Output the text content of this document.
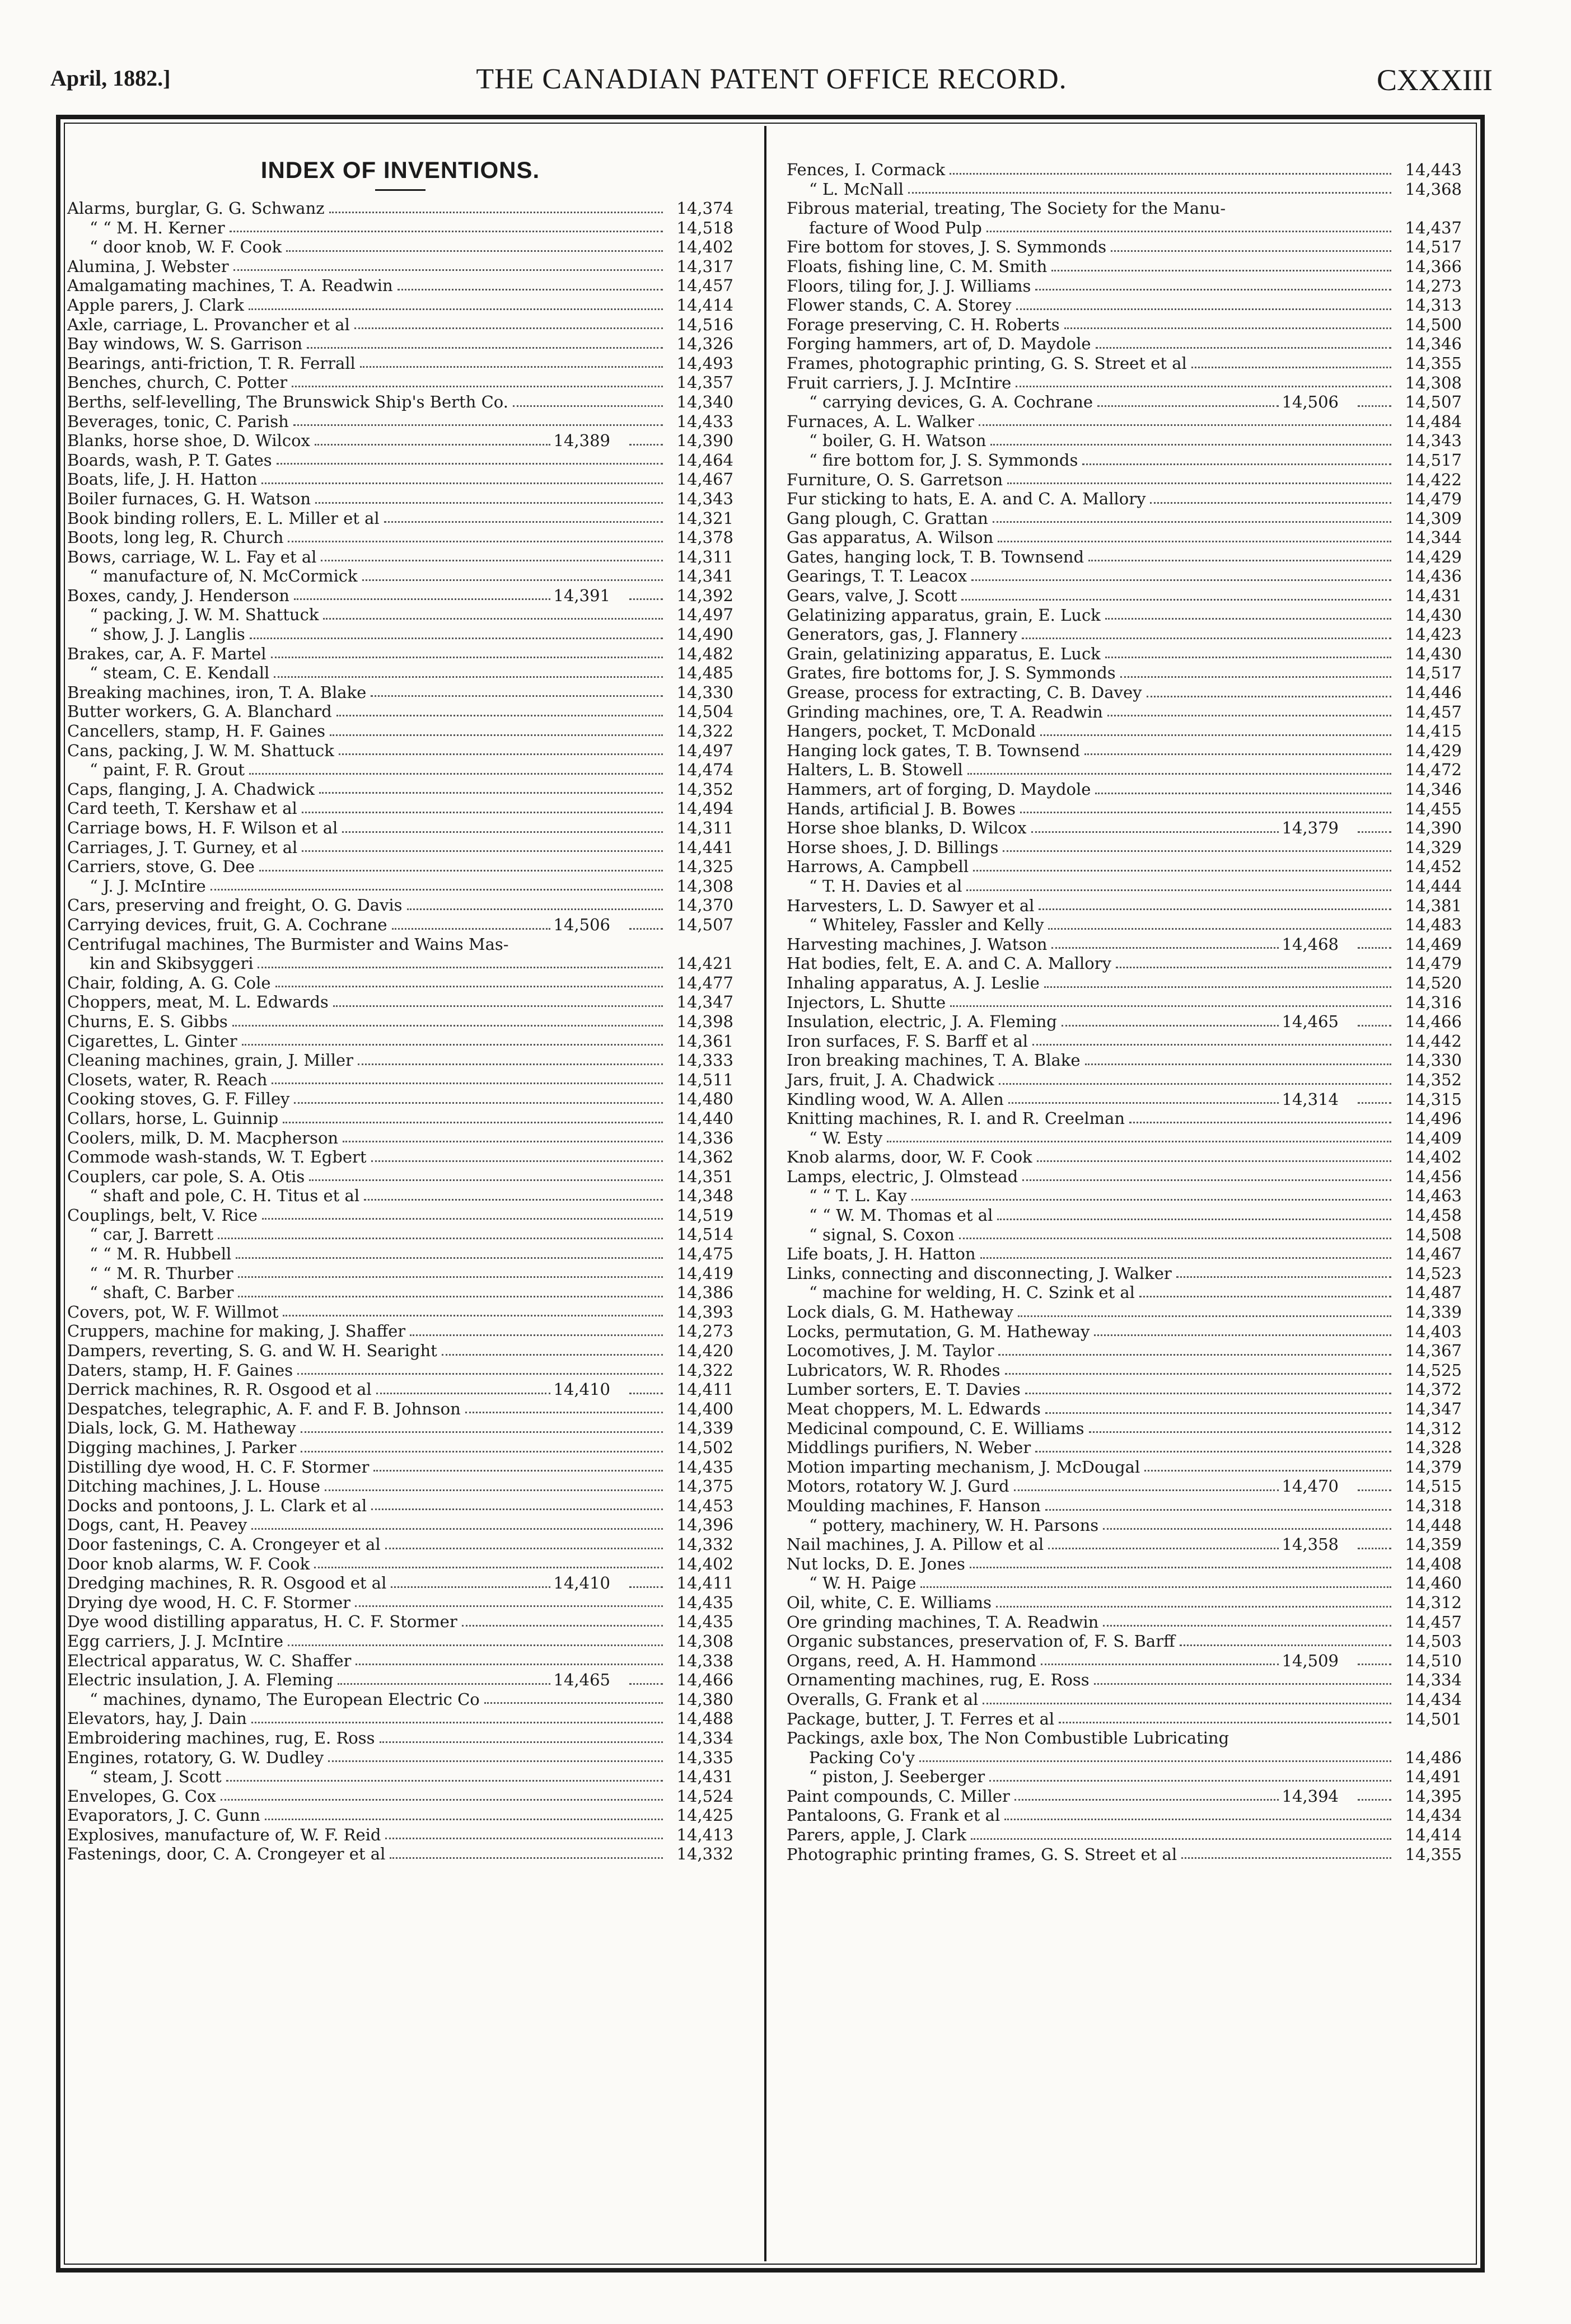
April, 1882.]	THE CANADIAN PATENT OFFICE RECORD.	CXXXIII
INDEX OF INVENTIONS.
Alarms, burglar, G. G. Schwanz	14,374
“ “ M. H. Kerner	14,518
“ door knob, W. F. Cook	14,402
Alumina, J. Webster	14,317
Amalgamating machines, T. A. Readwin	14,457
Apple parers, J. Clark	14,414
Axle, carriage, L. Provancher et al	14,516
Bay windows, W. S. Garrison	14,326
Bearings, anti-friction, T. R. Ferrall	14,493
Benches, church, C. Potter	14,357
Berths, self-levelling, The Brunswick Ship's Berth Co.	14,340
Beverages, tonic, C. Parish	14,433
Blanks, horse shoe, D. Wilcox	14,389	14,390
Boards, wash, P. T. Gates	14,464
Boats, life, J. H. Hatton	14,467
Boiler furnaces, G. H. Watson	14,343
Book binding rollers, E. L. Miller et al	14,321
Boots, long leg, R. Church	14,378
Bows, carriage, W. L. Fay et al	14,311
“ manufacture of, N. McCormick	14,341
Boxes, candy, J. Henderson	14,391	14,392
“ packing, J. W. M. Shattuck	14,497
“ show, J. J. Langlis	14,490
Brakes, car, A. F. Martel	14,482
“ steam, C. E. Kendall	14,485
Breaking machines, iron, T. A. Blake	14,330
Butter workers, G. A. Blanchard	14,504
Cancellers, stamp, H. F. Gaines	14,322
Cans, packing, J. W. M. Shattuck	14,497
“ paint, F. R. Grout	14,474
Caps, flanging, J. A. Chadwick	14,352
Card teeth, T. Kershaw et al	14,494
Carriage bows, H. F. Wilson et al	14,311
Carriages, J. T. Gurney, et al	14,441
Carriers, stove, G. Dee	14,325
“ J. J. McIntire	14,308
Cars, preserving and freight, O. G. Davis	14,370
Carrying devices, fruit, G. A. Cochrane	14,506	14,507
Centrifugal machines, The Burmister and Wains Mas-
kin and Skibsyggeri	14,421
Chair, folding, A. G. Cole	14,477
Choppers, meat, M. L. Edwards	14,347
Churns, E. S. Gibbs	14,398
Cigarettes, L. Ginter	14,361
Cleaning machines, grain, J. Miller	14,333
Closets, water, R. Reach	14,511
Cooking stoves, G. F. Filley	14,480
Collars, horse, L. Guinnip	14,440
Coolers, milk, D. M. Macpherson	14,336
Commode wash-stands, W. T. Egbert	14,362
Couplers, car pole, S. A. Otis	14,351
“ shaft and pole, C. H. Titus et al	14,348
Couplings, belt, V. Rice	14,519
“ car, J. Barrett	14,514
“ “ M. R. Hubbell	14,475
“ “ M. R. Thurber	14,419
“ shaft, C. Barber	14,386
Covers, pot, W. F. Willmot	14,393
Cruppers, machine for making, J. Shaffer	14,273
Dampers, reverting, S. G. and W. H. Searight	14,420
Daters, stamp, H. F. Gaines	14,322
Derrick machines, R. R. Osgood et al	14,410	14,411
Despatches, telegraphic, A. F. and F. B. Johnson	14,400
Dials, lock, G. M. Hatheway	14,339
Digging machines, J. Parker	14,502
Distilling dye wood, H. C. F. Stormer	14,435
Ditching machines, J. L. House	14,375
Docks and pontoons, J. L. Clark et al	14,453
Dogs, cant, H. Peavey	14,396
Door fastenings, C. A. Crongeyer et al	14,332
Door knob alarms, W. F. Cook	14,402
Dredging machines, R. R. Osgood et al	14,410	14,411
Drying dye wood, H. C. F. Stormer	14,435
Dye wood distilling apparatus, H. C. F. Stormer	14,435
Egg carriers, J. J. McIntire	14,308
Electrical apparatus, W. C. Shaffer	14,338
Electric insulation, J. A. Fleming	14,465	14,466
“ machines, dynamo, The European Electric Co	14,380
Elevators, hay, J. Dain	14,488
Embroidering machines, rug, E. Ross	14,334
Engines, rotatory, G. W. Dudley	14,335
“ steam, J. Scott	14,431
Envelopes, G. Cox	14,524
Evaporators, J. C. Gunn	14,425
Explosives, manufacture of, W. F. Reid	14,413
Fastenings, door, C. A. Crongeyer et al	14,332
Fences, I. Cormack	14,443
“ L. McNall	14,368
Fibrous material, treating, The Society for the Manu-
facture of Wood Pulp	14,437
Fire bottom for stoves, J. S. Symmonds	14,517
Floats, fishing line, C. M. Smith	14,366
Floors, tiling for, J. J. Williams	14,273
Flower stands, C. A. Storey	14,313
Forage preserving, C. H. Roberts	14,500
Forging hammers, art of, D. Maydole	14,346
Frames, photographic printing, G. S. Street et al	14,355
Fruit carriers, J. J. McIntire	14,308
“ carrying devices, G. A. Cochrane	14,506	14,507
Furnaces, A. L. Walker	14,484
“ boiler, G. H. Watson	14,343
“ fire bottom for, J. S. Symmonds	14,517
Furniture, O. S. Garretson	14,422
Fur sticking to hats, E. A. and C. A. Mallory	14,479
Gang plough, C. Grattan	14,309
Gas apparatus, A. Wilson	14,344
Gates, hanging lock, T. B. Townsend	14,429
Gearings, T. T. Leacox	14,436
Gears, valve, J. Scott	14,431
Gelatinizing apparatus, grain, E. Luck	14,430
Generators, gas, J. Flannery	14,423
Grain, gelatinizing apparatus, E. Luck	14,430
Grates, fire bottoms for, J. S. Symmonds	14,517
Grease, process for extracting, C. B. Davey	14,446
Grinding machines, ore, T. A. Readwin	14,457
Hangers, pocket, T. McDonald	14,415
Hanging lock gates, T. B. Townsend	14,429
Halters, L. B. Stowell	14,472
Hammers, art of forging, D. Maydole	14,346
Hands, artificial J. B. Bowes	14,455
Horse shoe blanks, D. Wilcox	14,379	14,390
Horse shoes, J. D. Billings	14,329
Harrows, A. Campbell	14,452
“ T. H. Davies et al	14,444
Harvesters, L. D. Sawyer et al	14,381
“ Whiteley, Fassler and Kelly	14,483
Harvesting machines, J. Watson	14,468	14,469
Hat bodies, felt, E. A. and C. A. Mallory	14,479
Inhaling apparatus, A. J. Leslie	14,520
Injectors, L. Shutte	14,316
Insulation, electric, J. A. Fleming	14,465	14,466
Iron surfaces, F. S. Barff et al	14,442
Iron breaking machines, T. A. Blake	14,330
Jars, fruit, J. A. Chadwick	14,352
Kindling wood, W. A. Allen	14,314	14,315
Knitting machines, R. I. and R. Creelman	14,496
“ W. Esty	14,409
Knob alarms, door, W. F. Cook	14,402
Lamps, electric, J. Olmstead	14,456
“ “ T. L. Kay	14,463
“ “ W. M. Thomas et al	14,458
“ signal, S. Coxon	14,508
Life boats, J. H. Hatton	14,467
Links, connecting and disconnecting, J. Walker	14,523
“ machine for welding, H. C. Szink et al	14,487
Lock dials, G. M. Hatheway	14,339
Locks, permutation, G. M. Hatheway	14,403
Locomotives, J. M. Taylor	14,367
Lubricators, W. R. Rhodes	14,525
Lumber sorters, E. T. Davies	14,372
Meat choppers, M. L. Edwards	14,347
Medicinal compound, C. E. Williams	14,312
Middlings purifiers, N. Weber	14,328
Motion imparting mechanism, J. McDougal	14,379
Motors, rotatory W. J. Gurd	14,470	14,515
Moulding machines, F. Hanson	14,318
“ pottery, machinery, W. H. Parsons	14,448
Nail machines, J. A. Pillow et al	14,358	14,359
Nut locks, D. E. Jones	14,408
“ W. H. Paige	14,460
Oil, white, C. E. Williams	14,312
Ore grinding machines, T. A. Readwin	14,457
Organic substances, preservation of, F. S. Barff	14,503
Organs, reed, A. H. Hammond	14,509	14,510
Ornamenting machines, rug, E. Ross	14,334
Overalls, G. Frank et al	14,434
Package, butter, J. T. Ferres et al	14,501
Packings, axle box, The Non Combustible Lubricating
Packing Co'y	14,486
“ piston, J. Seeberger	14,491
Paint compounds, C. Miller	14,394	14,395
Pantaloons, G. Frank et al	14,434
Parers, apple, J. Clark	14,414
Photographic printing frames, G. S. Street et al	14,355
